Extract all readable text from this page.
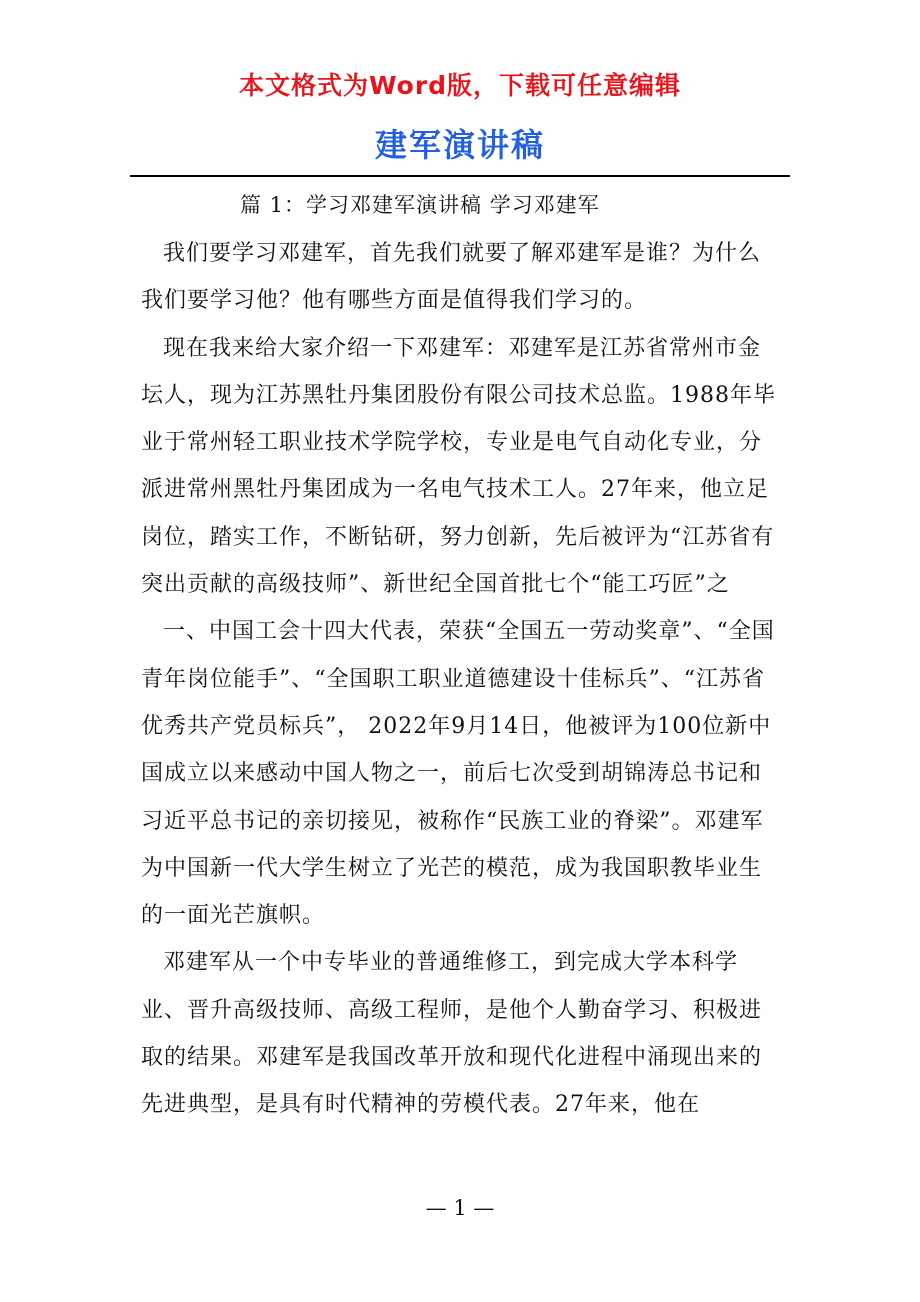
本文格式为Word版，下载可任意编辑
建军演讲稿
篇 1：学习邓建军演讲稿 学习邓建军

我们要学习邓建军，首先我们就要了解邓建军是谁？为什么我们要学习他？他有哪些方面是值得我们学习的。

现在我来给大家介绍一下邓建军：邓建军是江苏省常州市金坛人，现为江苏黑牡丹集团股份有限公司技术总监。1988年毕业于常州轻工职业技术学院学校，专业是电气自动化专业，分派进常州黑牡丹集团成为一名电气技术工人。27年来，他立足岗位，踏实工作，不断钻研，努力创新，先后被评为“江苏省有突出贡献的高级技师”、新世纪全国首批七个“能工巧匠”之

一、中国工会十四大代表，荣获“全国五一劳动奖章”、“全国青年岗位能手”、“全国职工职业道德建设十佳标兵”、“江苏省优秀共产党员标兵”， 2022年9月14日，他被评为100位新中国成立以来感动中国人物之一，前后七次受到胡锦涛总书记和习近平总书记的亲切接见，被称作“民族工业的脊梁”。邓建军为中国新一代大学生树立了光芒的模范，成为我国职教毕业生的一面光芒旗帜。

邓建军从一个中专毕业的普通维修工，到完成大学本科学业、晋升高级技师、高级工程师，是他个人勤奋学习、积极进取的结果。邓建军是我国改革开放和现代化进程中涌现出来的先进典型，是具有时代精神的劳模代表。27年来，他在

— 1 —
